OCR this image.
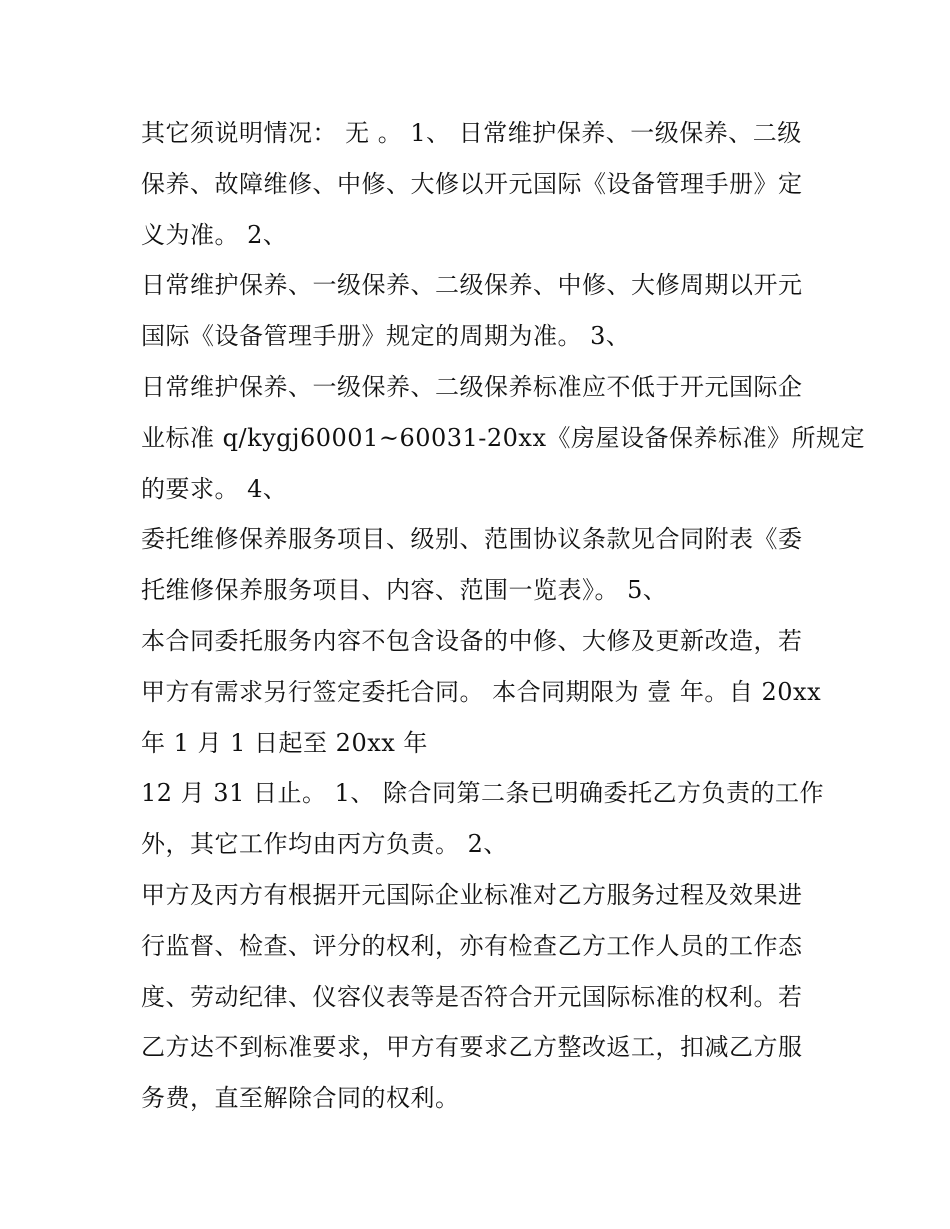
其它须说明情况： 无 。 1、 日常维护保养、一级保养、二级
保养、故障维修、中修、大修以开元国际《设备管理手册》定
义为准。 2、
日常维护保养、一级保养、二级保养、中修、大修周期以开元
国际《设备管理手册》规定的周期为准。 3、
日常维护保养、一级保养、二级保养标准应不低于开元国际企
业标准 q/kygj60001~60031-20xx《房屋设备保养标准》所规定
的要求。 4、
委托维修保养服务项目、级别、范围协议条款见合同附表《委
托维修保养服务项目、内容、范围一览表》。 5、
本合同委托服务内容不包含设备的中修、大修及更新改造，若
甲方有需求另行签定委托合同。 本合同期限为 壹 年。自 20xx
年 1 月 1 日起至 20xx 年
12 月 31 日止。 1、 除合同第二条已明确委托乙方负责的工作
外，其它工作均由丙方负责。 2、
甲方及丙方有根据开元国际企业标准对乙方服务过程及效果进
行监督、检查、评分的权利，亦有检查乙方工作人员的工作态
度、劳动纪律、仪容仪表等是否符合开元国际标准的权利。若
乙方达不到标准要求，甲方有要求乙方整改返工，扣减乙方服
务费，直至解除合同的权利。
